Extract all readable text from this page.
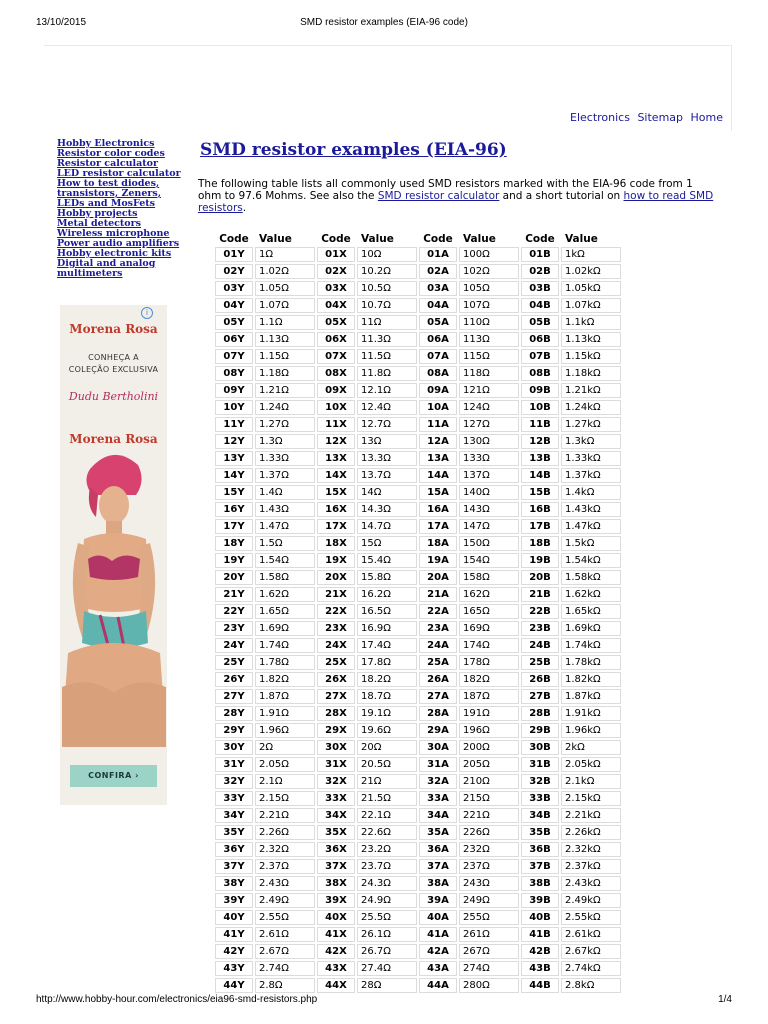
13/10/2015	SMD resistor examples (EIA-96 code)
Electronics Sitemap Home
Hobby Electronics
Resistor color codes
Resistor calculator
LED resistor calculator
How to test diodes, transistors, Zeners, LEDs and MosFets
Hobby projects
Metal detectors
Wireless microphone
Power audio amplifiers
Hobby electronic kits
Digital and analog multimeters
i
Morena Rosa
CONHEÇA A
COLEÇÃO EXCLUSIVA
Dudu Bertholini
Morena Rosa
CONFIRA ›
SMD resistor examples (EIA-96)

The following table lists all commonly used SMD resistors marked with the EIA-96 code from 1 ohm to 97.6 Mohms. See also the SMD resistor calculator and a short tutorial on how to read SMD resistors.

Code	Value	Code	Value	Code	Value	Code	Value
01Y	1Ω	01X	10Ω	01A	100Ω	01B	1kΩ
02Y	1.02Ω	02X	10.2Ω	02A	102Ω	02B	1.02kΩ
03Y	1.05Ω	03X	10.5Ω	03A	105Ω	03B	1.05kΩ
04Y	1.07Ω	04X	10.7Ω	04A	107Ω	04B	1.07kΩ
05Y	1.1Ω	05X	11Ω	05A	110Ω	05B	1.1kΩ
06Y	1.13Ω	06X	11.3Ω	06A	113Ω	06B	1.13kΩ
07Y	1.15Ω	07X	11.5Ω	07A	115Ω	07B	1.15kΩ
08Y	1.18Ω	08X	11.8Ω	08A	118Ω	08B	1.18kΩ
09Y	1.21Ω	09X	12.1Ω	09A	121Ω	09B	1.21kΩ
10Y	1.24Ω	10X	12.4Ω	10A	124Ω	10B	1.24kΩ
11Y	1.27Ω	11X	12.7Ω	11A	127Ω	11B	1.27kΩ
12Y	1.3Ω	12X	13Ω	12A	130Ω	12B	1.3kΩ
13Y	1.33Ω	13X	13.3Ω	13A	133Ω	13B	1.33kΩ
14Y	1.37Ω	14X	13.7Ω	14A	137Ω	14B	1.37kΩ
15Y	1.4Ω	15X	14Ω	15A	140Ω	15B	1.4kΩ
16Y	1.43Ω	16X	14.3Ω	16A	143Ω	16B	1.43kΩ
17Y	1.47Ω	17X	14.7Ω	17A	147Ω	17B	1.47kΩ
18Y	1.5Ω	18X	15Ω	18A	150Ω	18B	1.5kΩ
19Y	1.54Ω	19X	15.4Ω	19A	154Ω	19B	1.54kΩ
20Y	1.58Ω	20X	15.8Ω	20A	158Ω	20B	1.58kΩ
21Y	1.62Ω	21X	16.2Ω	21A	162Ω	21B	1.62kΩ
22Y	1.65Ω	22X	16.5Ω	22A	165Ω	22B	1.65kΩ
23Y	1.69Ω	23X	16.9Ω	23A	169Ω	23B	1.69kΩ
24Y	1.74Ω	24X	17.4Ω	24A	174Ω	24B	1.74kΩ
25Y	1.78Ω	25X	17.8Ω	25A	178Ω	25B	1.78kΩ
26Y	1.82Ω	26X	18.2Ω	26A	182Ω	26B	1.82kΩ
27Y	1.87Ω	27X	18.7Ω	27A	187Ω	27B	1.87kΩ
28Y	1.91Ω	28X	19.1Ω	28A	191Ω	28B	1.91kΩ
29Y	1.96Ω	29X	19.6Ω	29A	196Ω	29B	1.96kΩ
30Y	2Ω	30X	20Ω	30A	200Ω	30B	2kΩ
31Y	2.05Ω	31X	20.5Ω	31A	205Ω	31B	2.05kΩ
32Y	2.1Ω	32X	21Ω	32A	210Ω	32B	2.1kΩ
33Y	2.15Ω	33X	21.5Ω	33A	215Ω	33B	2.15kΩ
34Y	2.21Ω	34X	22.1Ω	34A	221Ω	34B	2.21kΩ
35Y	2.26Ω	35X	22.6Ω	35A	226Ω	35B	2.26kΩ
36Y	2.32Ω	36X	23.2Ω	36A	232Ω	36B	2.32kΩ
37Y	2.37Ω	37X	23.7Ω	37A	237Ω	37B	2.37kΩ
38Y	2.43Ω	38X	24.3Ω	38A	243Ω	38B	2.43kΩ
39Y	2.49Ω	39X	24.9Ω	39A	249Ω	39B	2.49kΩ
40Y	2.55Ω	40X	25.5Ω	40A	255Ω	40B	2.55kΩ
41Y	2.61Ω	41X	26.1Ω	41A	261Ω	41B	2.61kΩ
42Y	2.67Ω	42X	26.7Ω	42A	267Ω	42B	2.67kΩ
43Y	2.74Ω	43X	27.4Ω	43A	274Ω	43B	2.74kΩ
44Y	2.8Ω	44X	28Ω	44A	280Ω	44B	2.8kΩ
http://www.hobby-hour.com/electronics/eia96-smd-resistors.php	1/4
